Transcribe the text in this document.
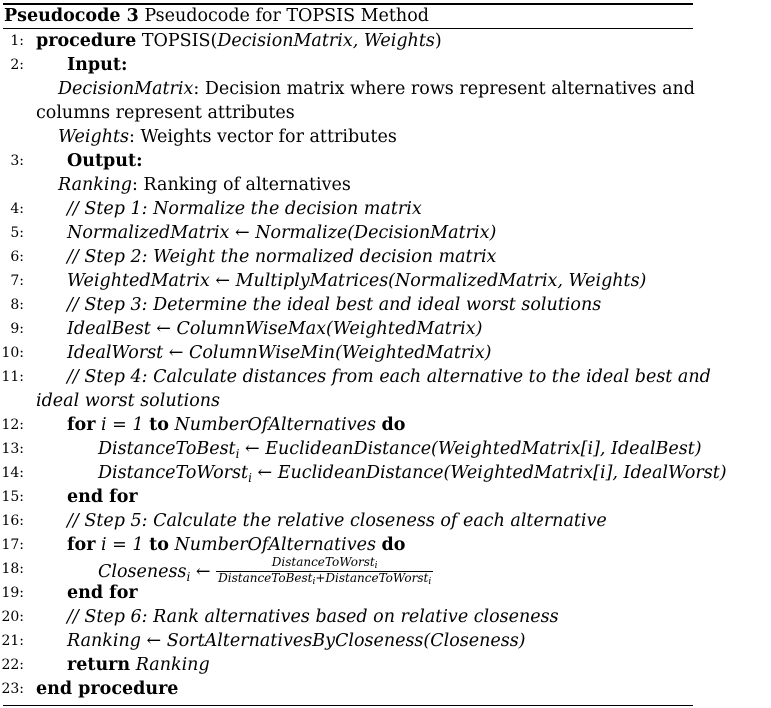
Pseudocode 3 Pseudocode for TOPSIS Method
1: procedure TOPSIS(DecisionMatrix, Weights)
2: Input:
DecisionMatrix: Decision matrix where rows represent alternatives and
columns represent attributes
Weights: Weights vector for attributes
3: Output:
Ranking: Ranking of alternatives
4: // Step 1: Normalize the decision matrix
5: NormalizedMatrix ← Normalize(DecisionMatrix)
6: // Step 2: Weight the normalized decision matrix
7: WeightedMatrix ← MultiplyMatrices(NormalizedMatrix, Weights)
8: // Step 3: Determine the ideal best and ideal worst solutions
9: IdealBest ← ColumnWiseMax(WeightedMatrix)
10: IdealWorst ← ColumnWiseMin(WeightedMatrix)
11: // Step 4: Calculate distances from each alternative to the ideal best and
ideal worst solutions
12: for i = 1 to NumberOfAlternatives do
13:	DistanceToBest$_i$ ← EuclideanDistance(WeightedMatrix[i], IdealBest)
14:	DistanceToWorst$_i$ ← EuclideanDistance(WeightedMatrix[i], IdealWorst)
15: end for
16: // Step 5: Calculate the relative closeness of each alternative
17: for i = 1 to NumberOfAlternatives do
18:	Closeness$_i$ ← $\frac{\text{DistanceToWorsti}}{\text{DistanceToBesti+DistanceToWorsti}}$
19: end for
20: // Step 6: Rank alternatives based on relative closeness
21: Ranking ← SortAlternativesByCloseness(Closeness)
22: return Ranking
23: end procedure
